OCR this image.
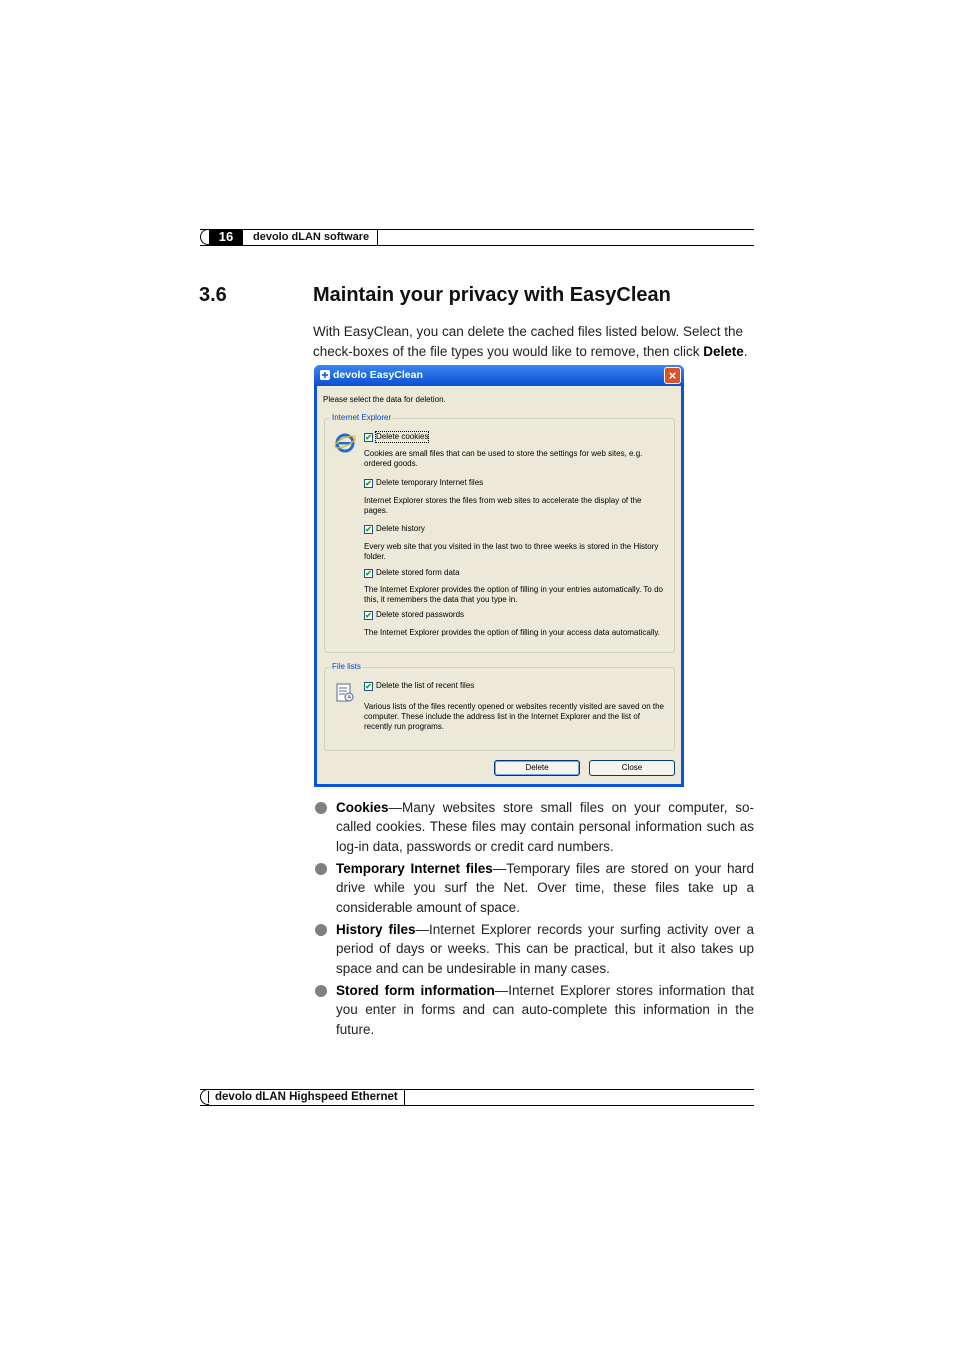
16	devolo dLAN software
3.6	Maintain your privacy with EasyClean
With EasyClean, you can delete the cached files listed below. Select the check-boxes of the file types you would like to remove, then click Delete.
devolo EasyClean	×
Please select the data for deletion.
Internet Explorer
✔ Delete cookies
Cookies are small files that can be used to store the settings for web sites, e.g. ordered goods.
✔ Delete temporary Internet files
Internet Explorer stores the files from web sites to accelerate the display of the pages.
✔ Delete history
Every web site that you visited in the last two to three weeks is stored in the History folder.
✔ Delete stored form data
The Internet Explorer provides the option of filling in your entries automatically. To do this, it remembers the data that you type in.
✔ Delete stored passwords
The Internet Explorer provides the option of filling in your access data automatically.
File lists
✔ Delete the list of recent files
Various lists of the files recently opened or websites recently visited are saved on the computer. These include the address list in the Internet Explorer and the list of recently run programs.
Delete	Close
Cookies—Many websites store small files on your computer, so-called cookies. These files may contain personal information such as log-in data, passwords or credit card numbers.
Temporary Internet files—Temporary files are stored on your hard drive while you surf the Net. Over time, these files take up a considerable amount of space.
History files—Internet Explorer records your surfing activity over a period of days or weeks. This can be practical, but it also takes up space and can be undesirable in many cases.
Stored form information—Internet Explorer stores information that you enter in forms and can auto-complete this information in the future.
devolo dLAN Highspeed Ethernet
